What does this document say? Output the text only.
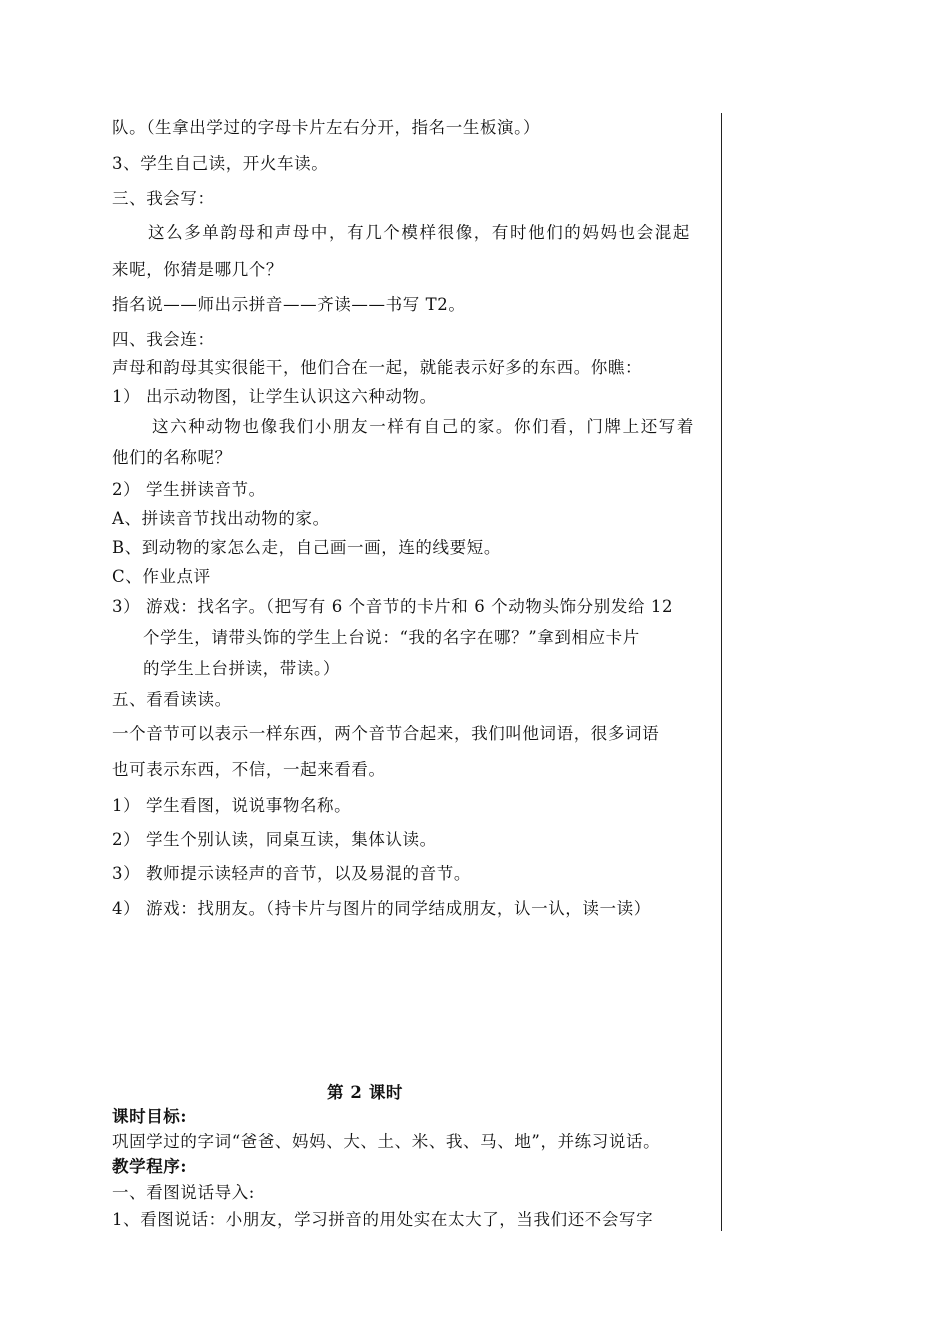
队。（生拿出学过的字母卡片左右分开，指名一生板演。）
3、学生自己读，开火车读。
三、我会写：
这么多单韵母和声母中，有几个模样很像，有时他们的妈妈也会混起
来呢，你猜是哪几个？
指名说——师出示拼音——齐读——书写 T2。
四、我会连：
声母和韵母其实很能干，他们合在一起，就能表示好多的东西。你瞧：
1） 出示动物图，让学生认识这六种动物。
这六种动物也像我们小朋友一样有自己的家。你们看，门牌上还写着
他们的名称呢？
2） 学生拼读音节。
A、拼读音节找出动物的家。
B、到动物的家怎么走，自己画一画，连的线要短。
C、作业点评
3） 游戏：找名字。（把写有 6 个音节的卡片和 6 个动物头饰分别发给 12
个学生，请带头饰的学生上台说：“我的名字在哪？”拿到相应卡片
的学生上台拼读，带读。）
五、看看读读。
一个音节可以表示一样东西，两个音节合起来，我们叫他词语，很多词语
也可表示东西，不信，一起来看看。
1） 学生看图，说说事物名称。
2） 学生个别认读，同桌互读，集体认读。
3） 教师提示读轻声的音节，以及易混的音节。
4） 游戏：找朋友。（持卡片与图片的同学结成朋友，认一认，读一读）
第 2 课时
课时目标:
巩固学过的字词“爸爸、妈妈、大、土、米、我、马、地”，并练习说话。
教学程序:
一、看图说话导入:
1、看图说话：小朋友，学习拼音的用处实在太大了，当我们还不会写字
